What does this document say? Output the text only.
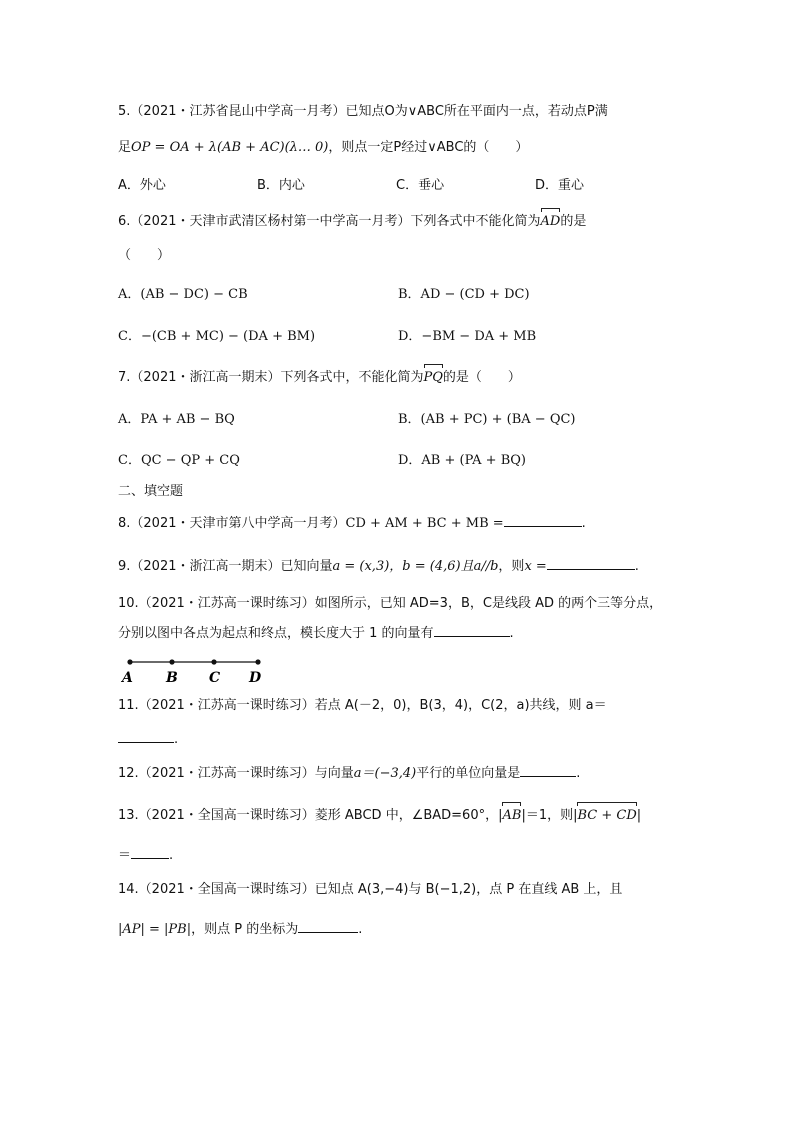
5.（2021・江苏省昆山中学高一月考）已知点O为∨ABC所在平面内一点，若动点P满
足OP = OA + λ(AB + AC)(λ… 0)，则点一定P经过∨ABC的（　　）
A．外心	B．内心	C．垂心	D．重心
6.（2021・天津市武清区杨村第一中学高一月考）下列各式中不能化简为AD的是
（　　）
A．(AB − DC) − CB	B．AD − (CD + DC)
C．−(CB + MC) − (DA + BM)	D．−BM − DA + MB
7.（2021・浙江高一期末）下列各式中，不能化简为PQ的是（　　）
A．PA + AB − BQ	B．(AB + PC) + (BA − QC)
C．QC − QP + CQ	D．AB + (PA + BQ)
二、填空题
8.（2021・天津市第八中学高一月考）CD + AM + BC + MB =	.
9.（2021・浙江高一期末）已知向量a = (x,3)，b = (4,6)且a//b，则x =	.
10.（2021・江苏高一课时练习）如图所示，已知 AD=3，B，C是线段 AD 的两个三等分点，
分别以图中各点为起点和终点，模长度大于 1 的向量有	.
A B C D
11.（2021・江苏高一课时练习）若点 A(－2，0)，B(3，4)，C(2，a)共线，则 a＝
.
12.（2021・江苏高一课时练习）与向量a＝(−3,4)平行的单位向量是	.
13.（2021・全国高一课时练习）菱形 ABCD 中，∠BAD=60°，|AB|＝1，则|BC + CD|
＝	.
14.（2021・全国高一课时练习）已知点 A(3,−4)与 B(−1,2)，点 P 在直线 AB 上，且
|AP| = |PB|，则点 P 的坐标为	.
